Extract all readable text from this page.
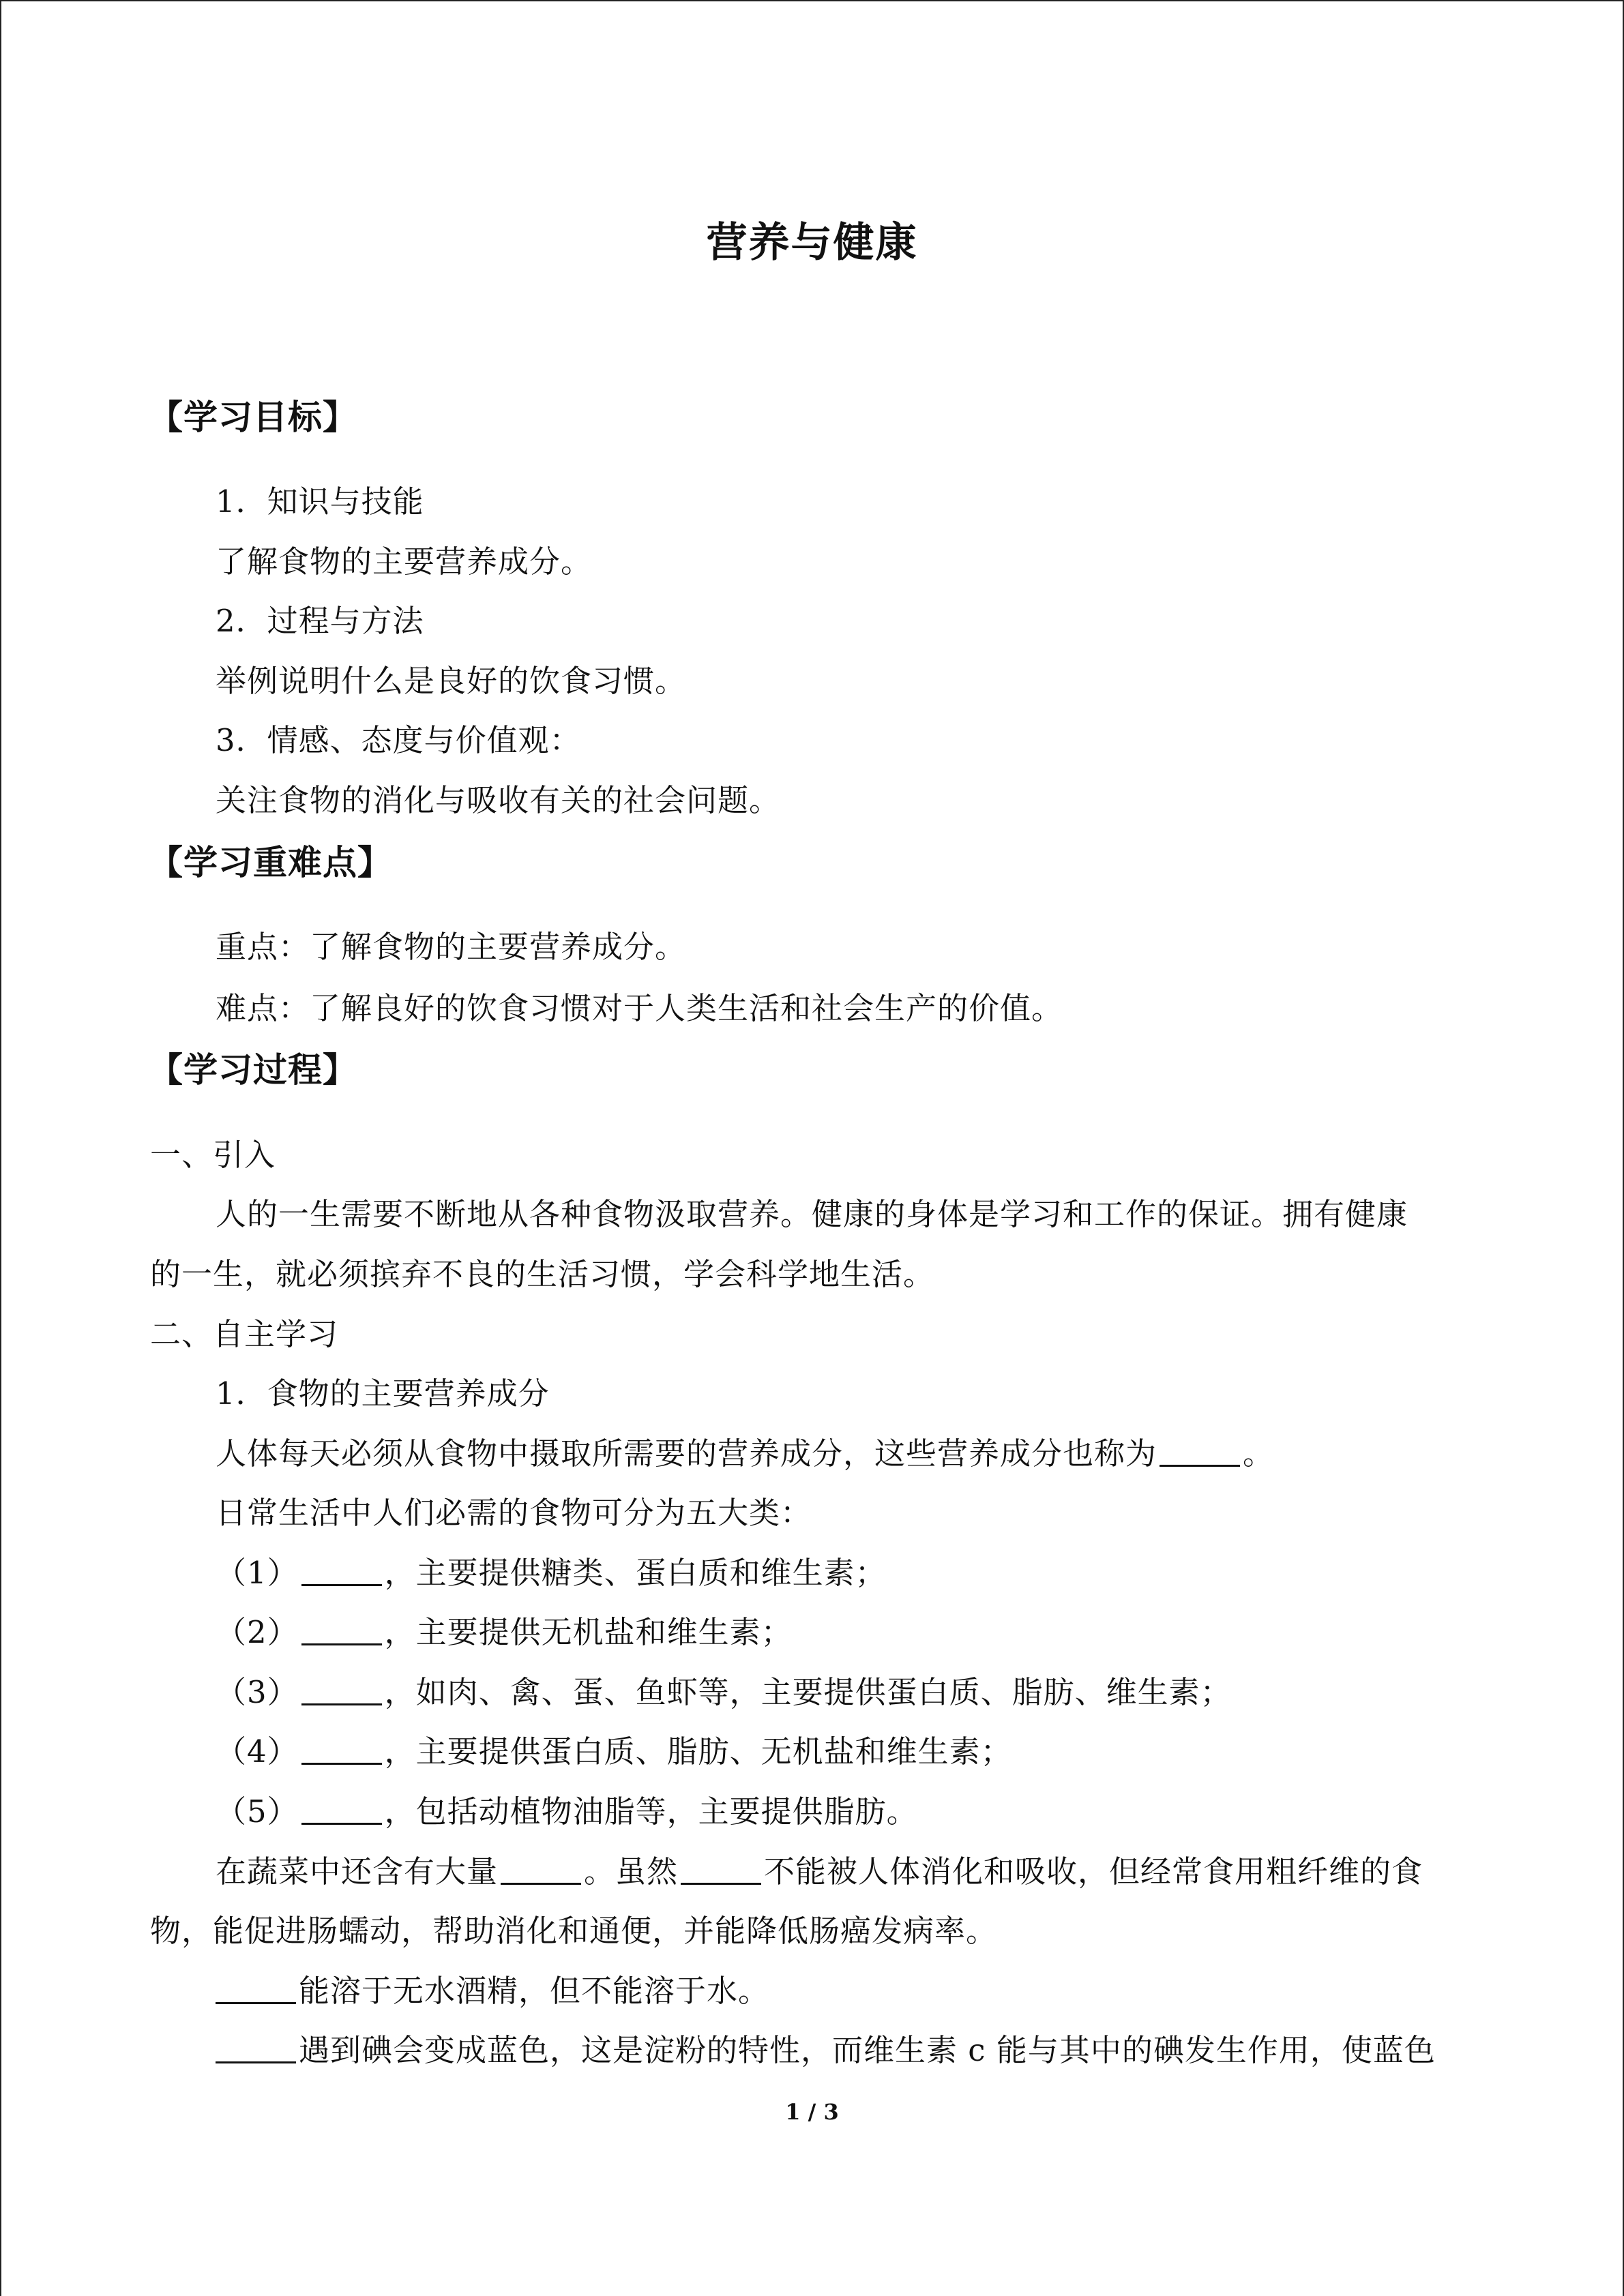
营养与健康
【学习目标】
1．知识与技能
了解食物的主要营养成分。
2．过程与方法
举例说明什么是良好的饮食习惯。
3．情感、态度与价值观：
关注食物的消化与吸收有关的社会问题。
【学习重难点】
重点：了解食物的主要营养成分。
难点：了解良好的饮食习惯对于人类生活和社会生产的价值。
【学习过程】
一、引入
人的一生需要不断地从各种食物汲取营养。健康的身体是学习和工作的保证。拥有健康
的一生，就必须摈弃不良的生活习惯，学会科学地生活。
二、自主学习
1．食物的主要营养成分
人体每天必须从食物中摄取所需要的营养成分，这些营养成分也称为	。
日常生活中人们必需的食物可分为五大类：
（1）	，主要提供糖类、蛋白质和维生素；
（2）	，主要提供无机盐和维生素；
（3）	，如肉、禽、蛋、鱼虾等，主要提供蛋白质、脂肪、维生素；
（4）	，主要提供蛋白质、脂肪、无机盐和维生素；
（5）	，包括动植物油脂等，主要提供脂肪。
在蔬菜中还含有大量	。虽然	不能被人体消化和吸收，但经常食用粗纤维的食
物，能促进肠蠕动，帮助消化和通便，并能降低肠癌发病率。
能溶于无水酒精，但不能溶于水。
遇到碘会变成蓝色，这是淀粉的特性，而维生素 c 能与其中的碘发生作用，使蓝色
1 / 3
